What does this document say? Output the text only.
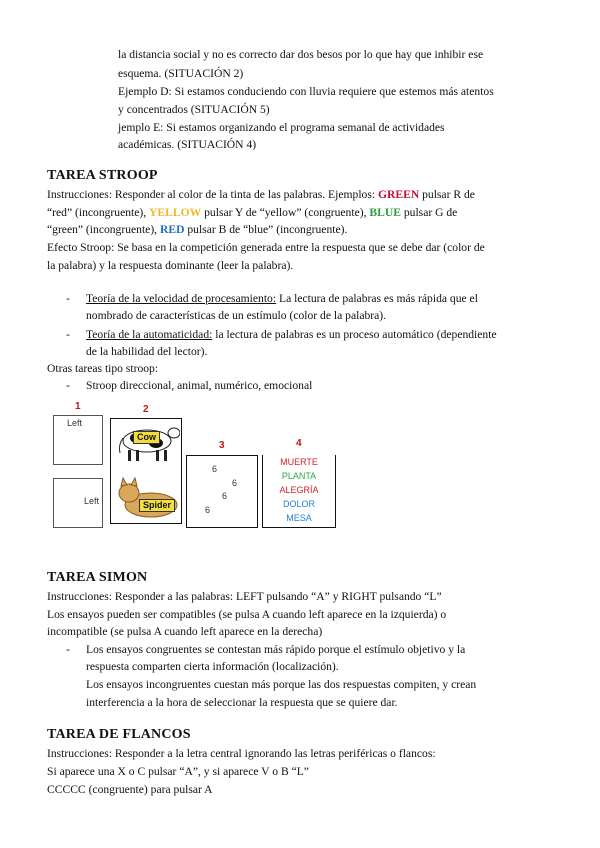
la distancia social y no es correcto dar dos besos por lo que hay que inhibir ese
esquema. (SITUACIÓN 2)
Ejemplo D: Si estamos conduciendo con lluvia requiere que estemos más atentos
y concentrados (SITUACIÓN 5)
jemplo E: Si estamos organizando el programa semanal de actividades
académicas. (SITUACIÓN 4)
TAREA STROOP
Instrucciones: Responder al color de la tinta de las palabras. Ejemplos: GREEN pulsar R de
“red” (incongruente), YELLOW pulsar Y de “yellow” (congruente), BLUE pulsar G de
“green” (incongruente), RED pulsar B de “blue” (incongruente).
Efecto Stroop: Se basa en la competición generada entre la respuesta que se debe dar (color de
la palabra) y la respuesta dominante (leer la palabra).
- Teoría de la velocidad de procesamiento: La lectura de palabras es más rápida que el
nombrado de características de un estímulo (color de la palabra).
- Teoría de la automaticidad: la lectura de palabras es un proceso automático (dependiente
de la habilidad del lector).
Otras tareas tipo stroop:
- Stroop direccional, animal, numérico, emocional
1	2
3	4
Left
Left
Cow
Spider
6
6
6
6
MUERTE
PLANTA
ALEGRÍA
DOLOR
MESA
TAREA SIMON
Instrucciones: Responder a las palabras: LEFT pulsando “A” y RIGHT pulsando “L”
Los ensayos pueden ser compatibles (se pulsa A cuando left aparece en la izquierda) o
incompatible (se pulsa A cuando left aparece en la derecha)
- Los ensayos congruentes se contestan más rápido porque el estímulo objetivo y la
respuesta comparten cierta información (localización).
Los ensayos incongruentes cuestan más porque las dos respuestas compiten, y crean
interferencia a la hora de seleccionar la respuesta que se quiere dar.
TAREA DE FLANCOS
Instrucciones: Responder a la letra central ignorando las letras periféricas o flancos:
Si aparece una X o C pulsar “A”, y si aparece V o B “L”
CCCCC (congruente) para pulsar A
